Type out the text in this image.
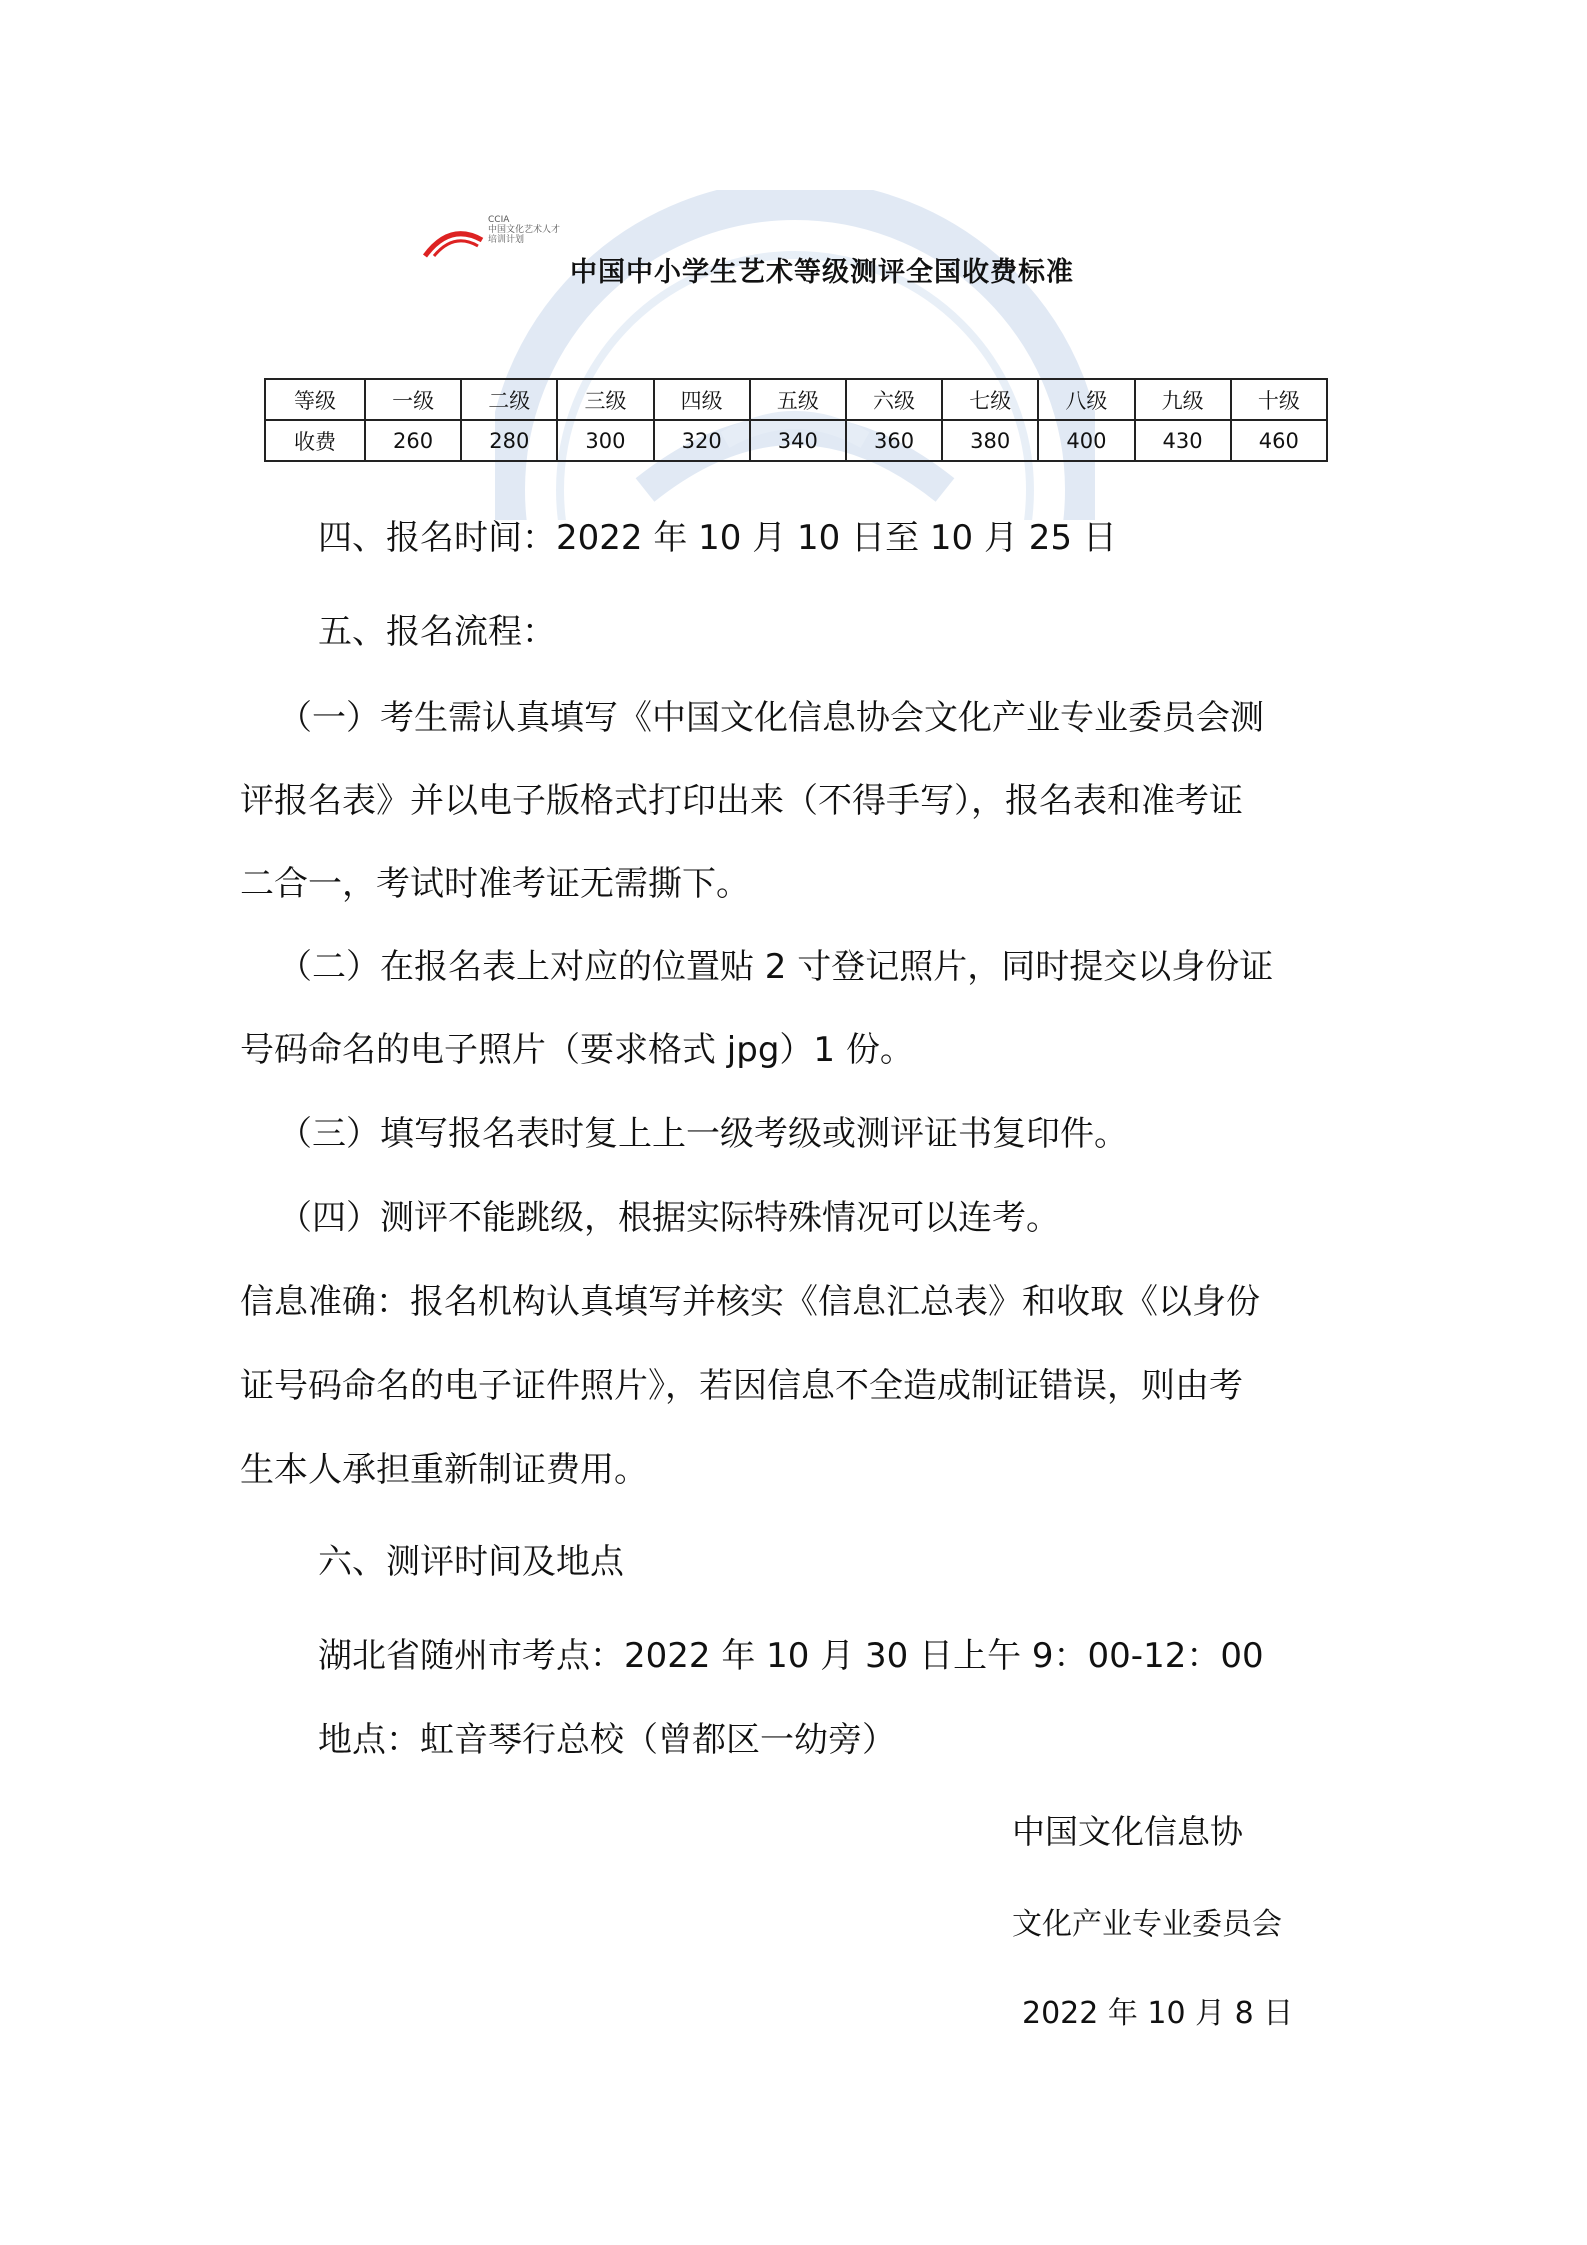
CCIA
中国文化艺术人才
培训计划
中国中小学生艺术等级测评全国收费标准
等级	一级	二级	三级	四级	五级	六级	七级	八级	九级	十级
收费	260	280	300	320	340	360	380	400	430	460
四、报名时间：2022 年 10 月 10 日至 10 月 25 日
五、报名流程：
（一）考生需认真填写《中国文化信息协会文化产业专业委员会测
评报名表》并以电子版格式打印出来（不得手写），报名表和准考证
二合一，考试时准考证无需撕下。
（二）在报名表上对应的位置贴 2 寸登记照片，同时提交以身份证
号码命名的电子照片（要求格式 jpg）1 份。
（三）填写报名表时复上上一级考级或测评证书复印件。
（四）测评不能跳级，根据实际特殊情况可以连考。
信息准确：报名机构认真填写并核实《信息汇总表》和收取《以身份
证号码命名的电子证件照片》，若因信息不全造成制证错误，则由考
生本人承担重新制证费用。
六、测评时间及地点
湖北省随州市考点：2022 年 10 月 30 日上午 9：00-12：00
地点：虹音琴行总校（曾都区一幼旁）
中国文化信息协
文化产业专业委员会
2022 年 10 月 8 日
